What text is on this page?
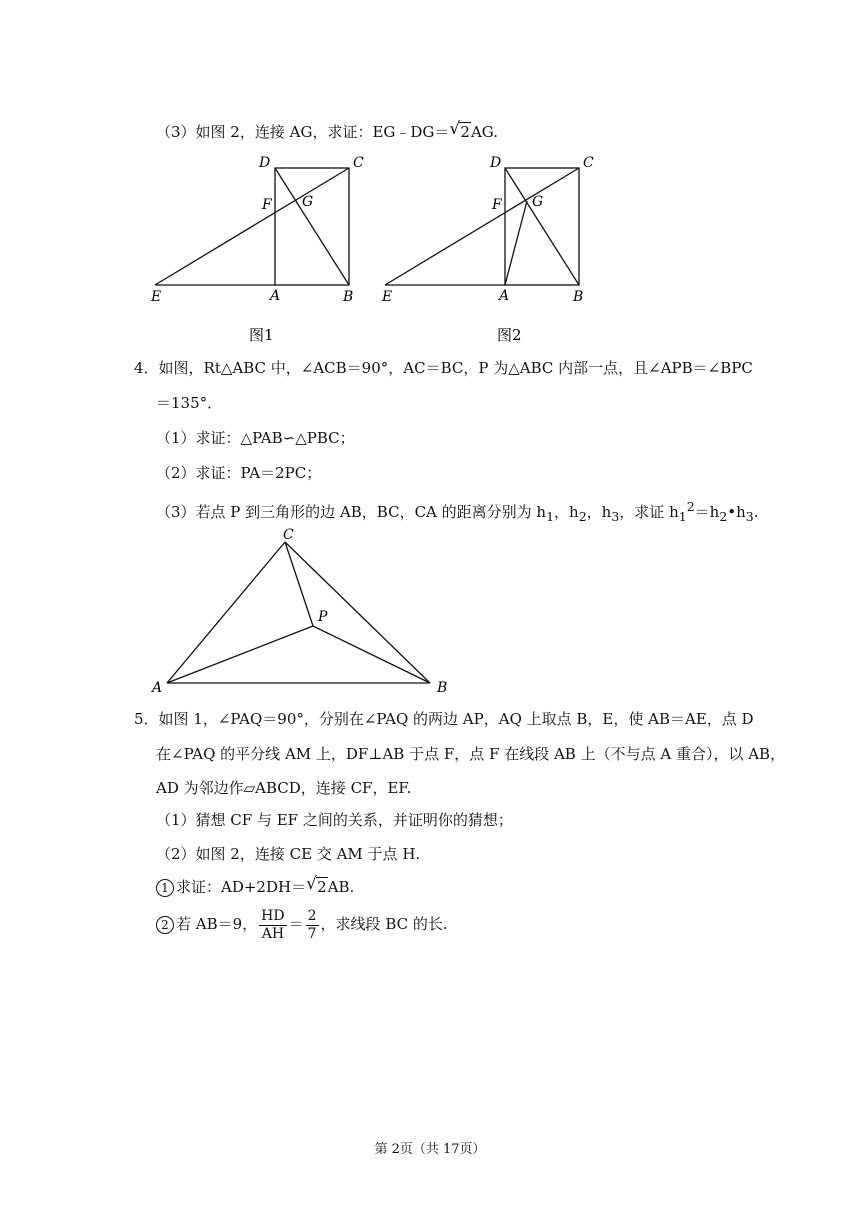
（3）如图 2，连接 AG，求证：EG﹣DG＝ √ 2AG.
D	C
F G
E	A	B
图1
D	C
F G
E	A	B
图2
4．如图，Rt△ABC 中，∠ACB＝90°，AC＝BC，P 为△ABC 内部一点，且∠APB＝∠BPC
＝135°．
（1）求证：△PAB∽△PBC；
（2）求证：PA＝2PC；
（3）若点 P 到三角形的边 AB，BC，CA 的距离分别为 $h_1$，$h_2$，$h_3$，求证 $h_1^2=h_2•h_3$.
C
P
A	B
5．如图 1，∠PAQ＝90°，分别在∠PAQ 的两边 AP，AQ 上取点 B，E，使 AB＝AE，点 D
在∠PAQ 的平分线 AM 上，DF⊥AB 于点 F，点 F 在线段 AB 上（不与点 A 重合），以 AB，
AD 为邻边作▱ABCD，连接 CF，EF.
（1）猜想 CF 与 EF 之间的关系，并证明你的猜想；
（2）如图 2，连接 CE 交 AM 于点 H.
1 求证：AD+2DH＝ √ 2AB.
2 若 AB＝9， $\frac{HD}{AH} = \frac{2}{7}$ ，求线段 BC 的长.
第 2页（共 17页）
